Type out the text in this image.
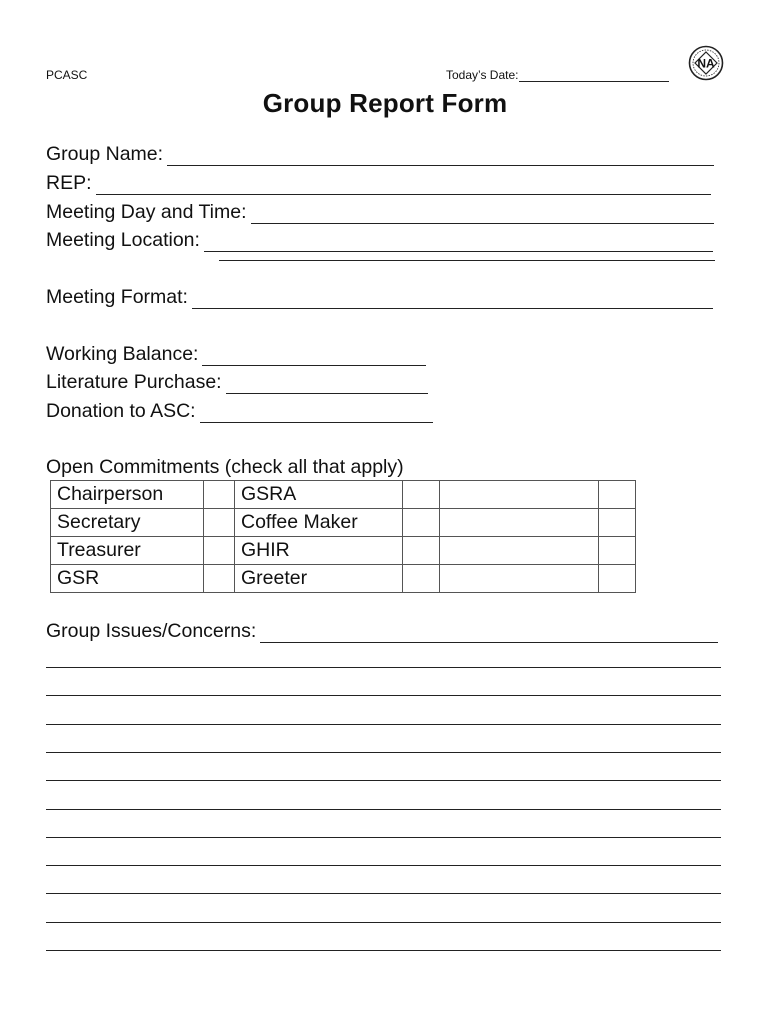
PCASC	Today’s Date:
NA
Group Report Form
Group Name:
REP:
Meeting Day and Time:
Meeting Location:
Meeting Format:
Working Balance:
Literature Purchase:
Donation to ASC:
Open Commitments (check all that apply)
Chairperson		GSRA			
Secretary		Coffee Maker			
Treasurer		GHIR			
GSR		Greeter			
Group Issues/Concerns:
